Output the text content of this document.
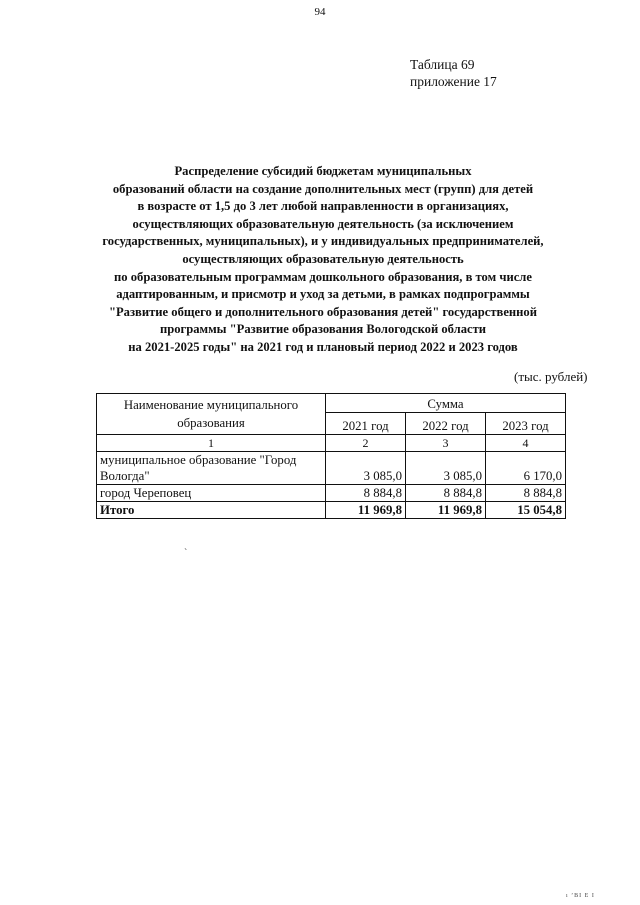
94
Таблица 69
приложение 17
Распределение субсидий бюджетам муниципальных
образований области на создание дополнительных мест (групп) для детей
в возрасте от 1,5 до 3 лет любой направленности в организациях,
осуществляющих образовательную деятельность (за исключением
государственных, муниципальных), и у индивидуальных предпринимателей,
осуществляющих образовательную деятельность
по образовательным программам дошкольного образования, в том числе
адаптированным, и присмотр и уход за детьми, в рамках подпрограммы
"Развитие общего и дополнительного образования детей" государственной
программы "Развитие образования Вологодской области
на 2021-2025 годы" на 2021 год и плановый период 2022 и 2023 годов
(тыс. рублей)
Наименование муниципального образования	Сумма		
	2021 год	2022 год	2023 год
1	2	3	4
муниципальное образование "Город Вологда"	3 085,0	3 085,0	6 170,0
город Череповец	8 884,8	8 884,8	8 884,8
Итого	11 969,8	11 969,8	15 054,8
`
ı ’ΒΙ Ε Ι
